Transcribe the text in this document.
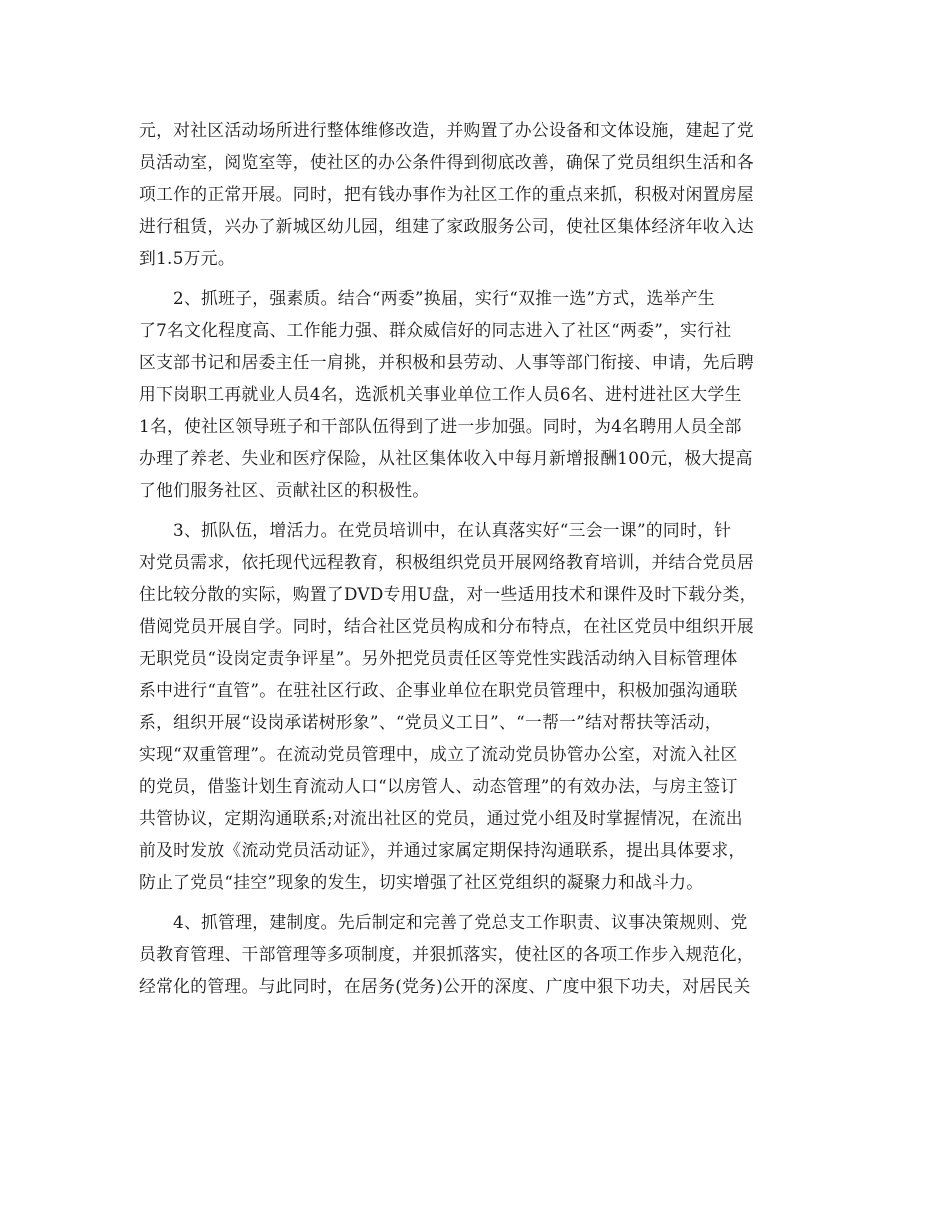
元，对社区活动场所进行整体维修改造，并购置了办公设备和文体设施，建起了党
员活动室，阅览室等，使社区的办公条件得到彻底改善，确保了党员组织生活和各
项工作的正常开展。同时，把有钱办事作为社区工作的重点来抓，积极对闲置房屋
进行租赁，兴办了新城区幼儿园，组建了家政服务公司，使社区集体经济年收入达
到1.5万元。
2、抓班子，强素质。结合“两委”换届，实行“双推一选”方式，选举产生
了7名文化程度高、工作能力强、群众威信好的同志进入了社区“两委”，实行社
区支部书记和居委主任一肩挑，并积极和县劳动、人事等部门衔接、申请，先后聘
用下岗职工再就业人员4名，选派机关事业单位工作人员6名、进村进社区大学生
1名，使社区领导班子和干部队伍得到了进一步加强。同时，为4名聘用人员全部
办理了养老、失业和医疗保险，从社区集体收入中每月新增报酬100元，极大提高
了他们服务社区、贡献社区的积极性。
3、抓队伍，增活力。在党员培训中，在认真落实好“三会一课”的同时，针
对党员需求，依托现代远程教育，积极组织党员开展网络教育培训，并结合党员居
住比较分散的实际，购置了DVD专用U盘，对一些适用技术和课件及时下载分类，
借阅党员开展自学。同时，结合社区党员构成和分布特点，在社区党员中组织开展
无职党员“设岗定责争评星”。另外把党员责任区等党性实践活动纳入目标管理体
系中进行“直管”。在驻社区行政、企事业单位在职党员管理中，积极加强沟通联
系，组织开展“设岗承诺树形象”、“党员义工日”、“一帮一”结对帮扶等活动，
实现“双重管理”。在流动党员管理中，成立了流动党员协管办公室，对流入社区
的党员，借鉴计划生育流动人口“以房管人、动态管理”的有效办法，与房主签订
共管协议，定期沟通联系;对流出社区的党员，通过党小组及时掌握情况，在流出
前及时发放《流动党员活动证》，并通过家属定期保持沟通联系，提出具体要求，
防止了党员“挂空”现象的发生，切实增强了社区党组织的凝聚力和战斗力。
4、抓管理，建制度。先后制定和完善了党总支工作职责、议事决策规则、党
员教育管理、干部管理等多项制度，并狠抓落实，使社区的各项工作步入规范化，
经常化的管理。与此同时，在居务(党务)公开的深度、广度中狠下功夫，对居民关
